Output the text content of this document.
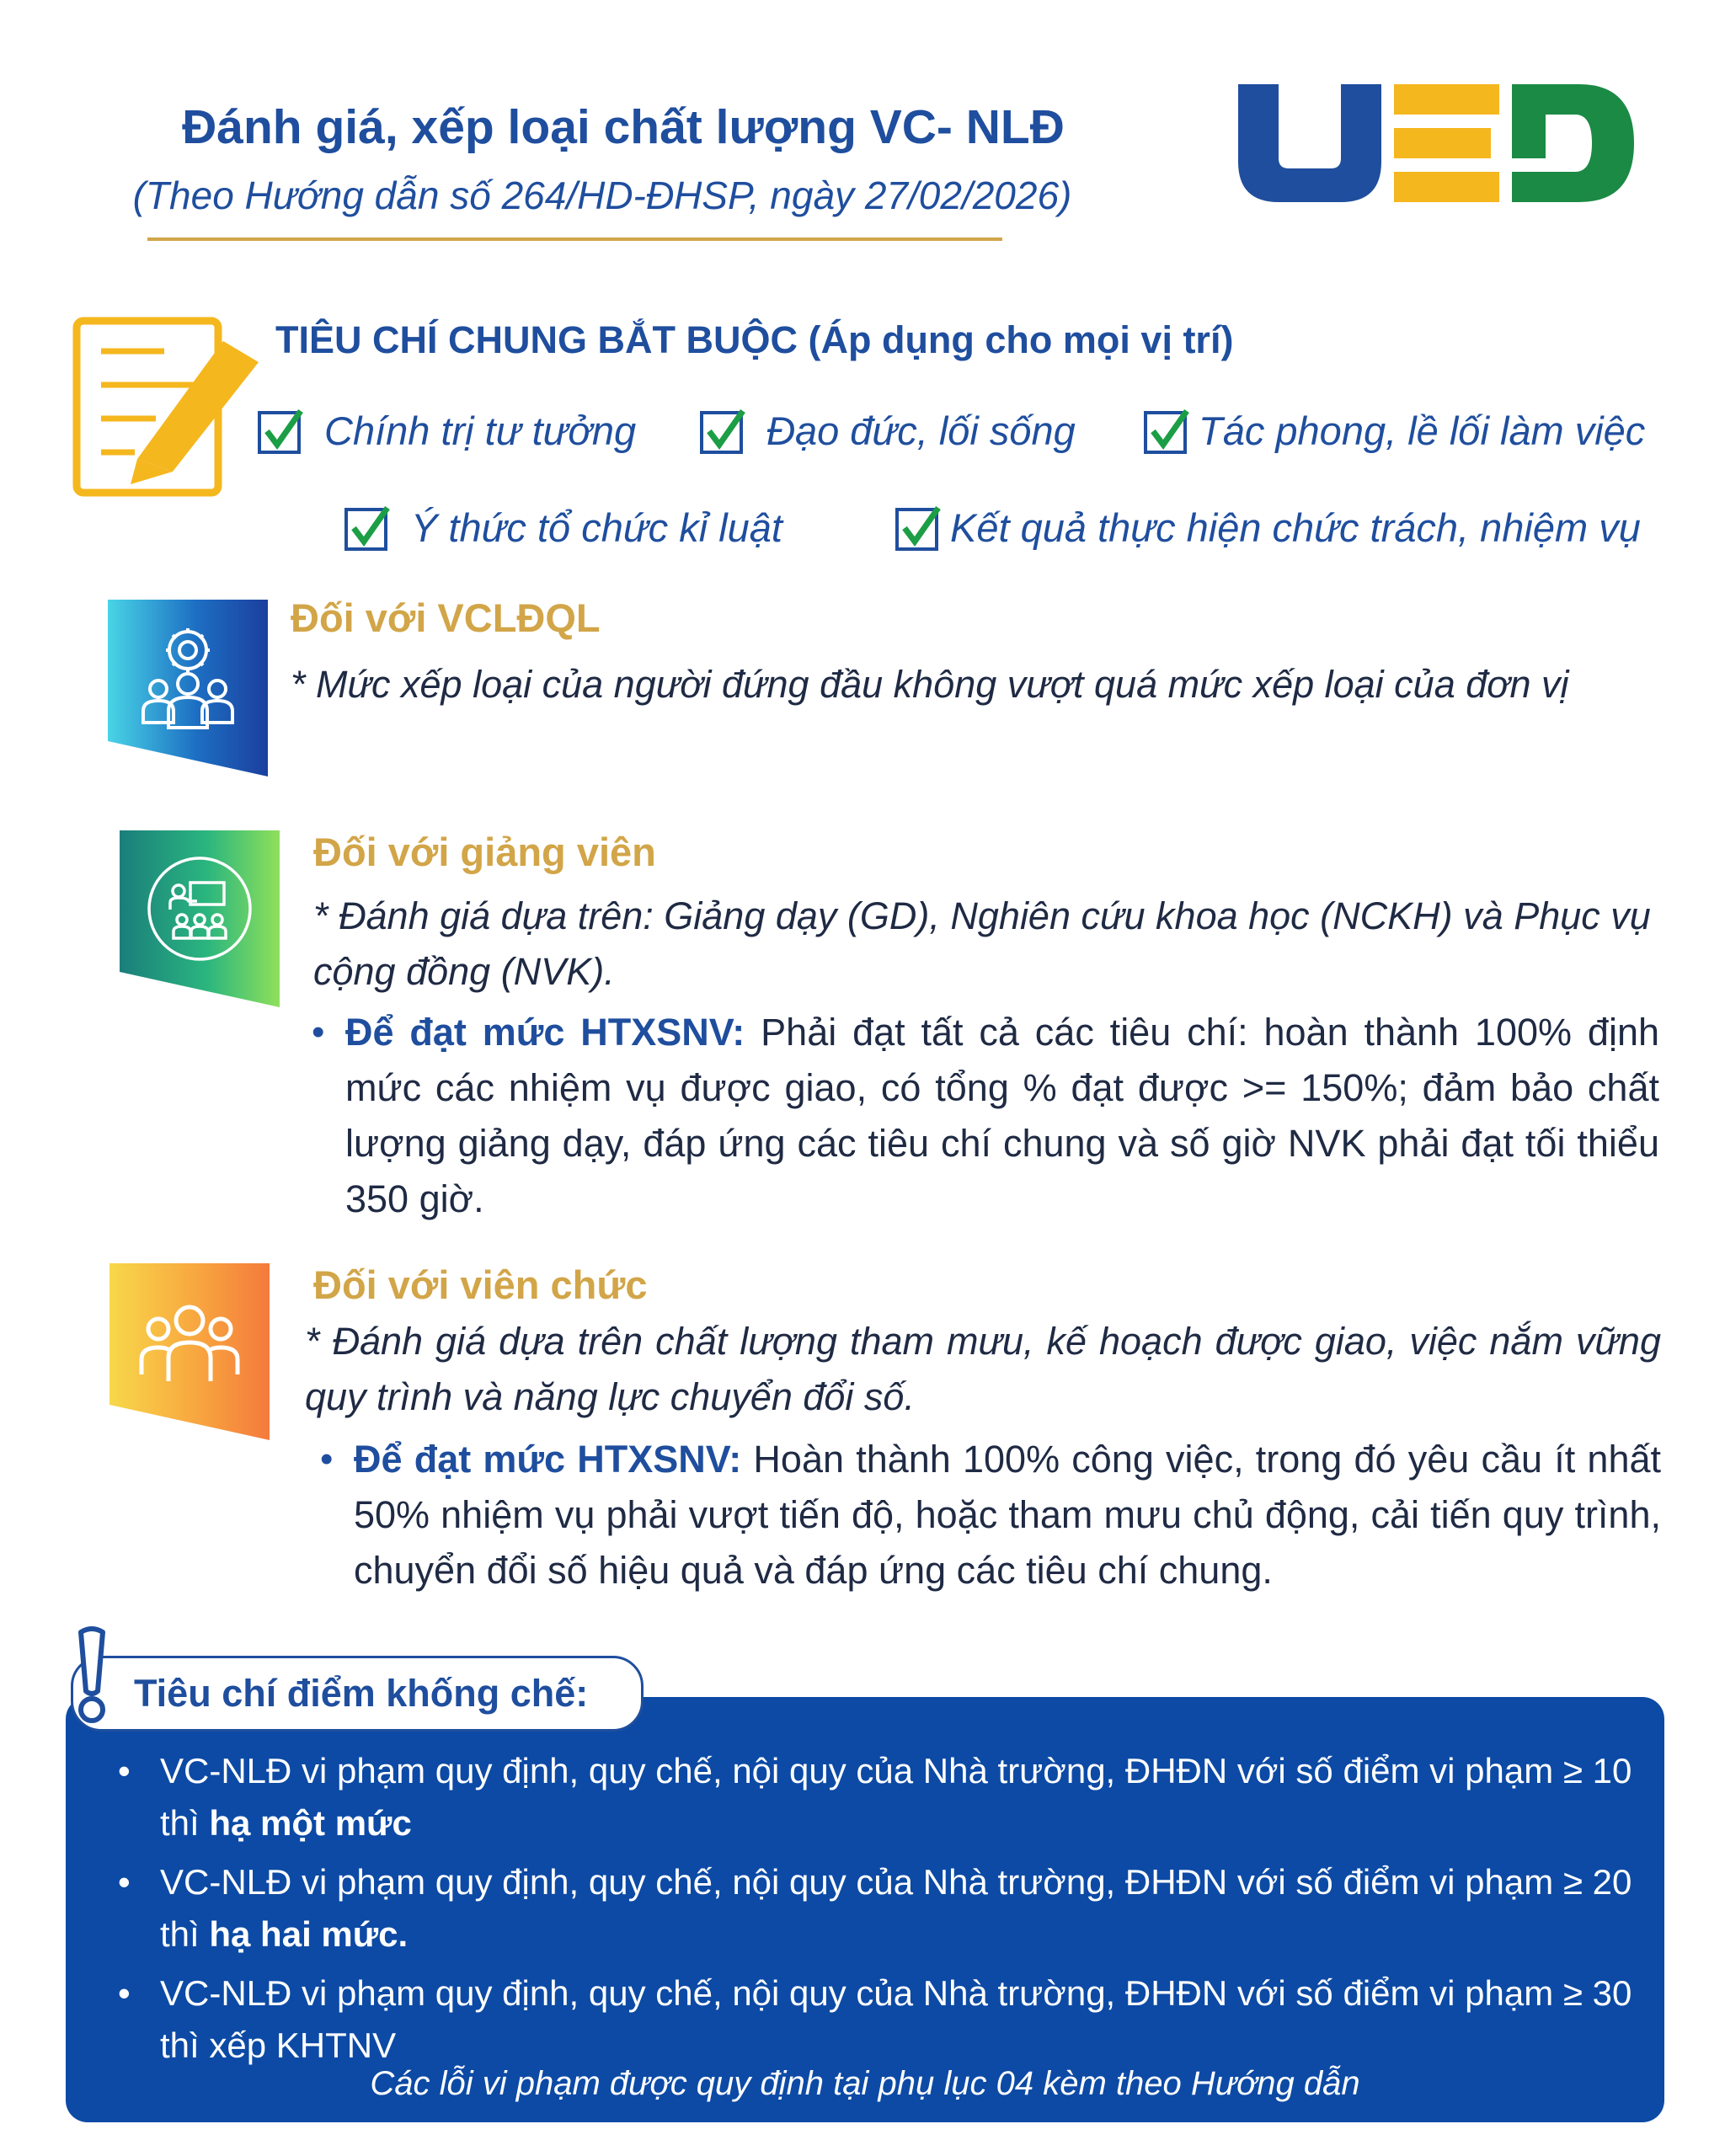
Đánh giá, xếp loại chất lượng VC- NLĐ
(Theo Hướng dẫn số 264/HD-ĐHSP, ngày 27/02/2026)
TIÊU CHÍ CHUNG BẮT BUỘC (Áp dụng cho mọi vị trí)
Chính trị tư tưởng	Đạo đức, lối sống	Tác phong, lề lối làm việc
Ý thức tổ chức kỉ luật	Kết quả thực hiện chức trách, nhiệm vụ
Đối với VCLĐQL
* Mức xếp loại của người đứng đầu không vượt quá mức xếp loại của đơn vị
Đối với giảng viên
* Đánh giá dựa trên: Giảng dạy (GD), Nghiên cứu khoa học (NCKH) và Phục vụ cộng đồng (NVK).
• Để đạt mức HTXSNV: Phải đạt tất cả các tiêu chí: hoàn thành 100% định mức các nhiệm vụ được giao, có tổng % đạt được >= 150%; đảm bảo chất lượng giảng dạy, đáp ứng các tiêu chí chung và số giờ NVK phải đạt tối thiểu 350 giờ.
Đối với viên chức
* Đánh giá dựa trên chất lượng tham mưu, kế hoạch được giao, việc nắm vững quy trình và năng lực chuyển đổi số.
• Để đạt mức HTXSNV: Hoàn thành 100% công việc, trong đó yêu cầu ít nhất 50% nhiệm vụ phải vượt tiến độ, hoặc tham mưu chủ động, cải tiến quy trình, chuyển đổi số hiệu quả và đáp ứng các tiêu chí chung.
Tiêu chí điểm khống chế:
• VC-NLĐ vi phạm quy định, quy chế, nội quy của Nhà trường, ĐHĐN với số điểm vi phạm ≥ 10 thì hạ một mức
• VC-NLĐ vi phạm quy định, quy chế, nội quy của Nhà trường, ĐHĐN với số điểm vi phạm ≥ 20 thì hạ hai mức.
• VC-NLĐ vi phạm quy định, quy chế, nội quy của Nhà trường, ĐHĐN với số điểm vi phạm ≥ 30 thì xếp KHTNV
Các lỗi vi phạm được quy định tại phụ lục 04 kèm theo Hướng dẫn
